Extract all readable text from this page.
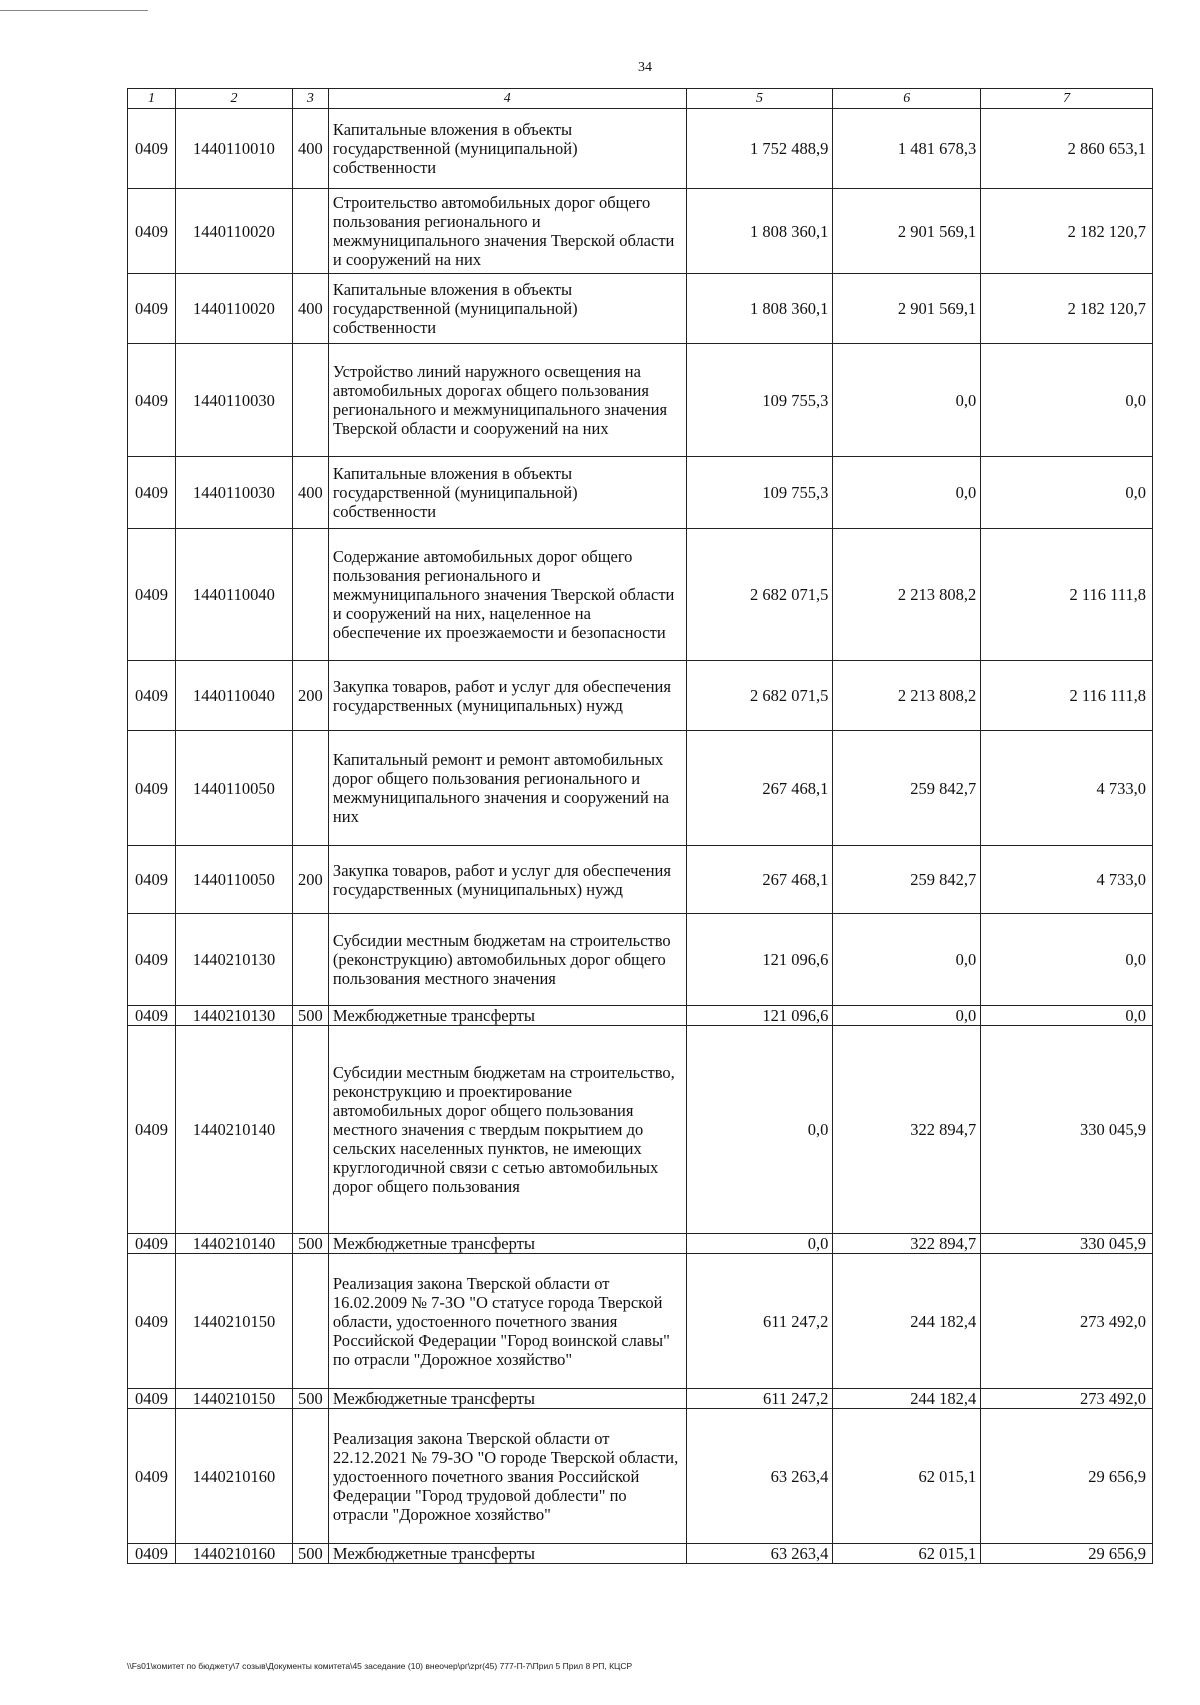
34
1	2	3	4	5	6	7
0409	1440110010	400	Капитальные вложения в объекты государственной (муниципальной) собственности	1 752 488,9	1 481 678,3	2 860 653,1
0409	1440110020		Строительство автомобильных дорог общего пользования регионального и межмуниципального значения Тверской области и сооружений на них	1 808 360,1	2 901 569,1	2 182 120,7
0409	1440110020	400	Капитальные вложения в объекты государственной (муниципальной) собственности	1 808 360,1	2 901 569,1	2 182 120,7
0409	1440110030		Устройство линий наружного освещения на автомобильных дорогах общего пользования регионального и межмуниципального значения Тверской области и сооружений на них	109 755,3	0,0	0,0
0409	1440110030	400	Капитальные вложения в объекты государственной (муниципальной) собственности	109 755,3	0,0	0,0
0409	1440110040		Содержание автомобильных дорог общего пользования регионального и межмуниципального значения Тверской области и сооружений на них, нацеленное на обеспечение их проезжаемости и безопасности	2 682 071,5	2 213 808,2	2 116 111,8
0409	1440110040	200	Закупка товаров, работ и услуг для обеспечения государственных (муниципальных) нужд	2 682 071,5	2 213 808,2	2 116 111,8
0409	1440110050		Капитальный ремонт и ремонт автомобильных дорог общего пользования регионального и межмуниципального значения и сооружений на них	267 468,1	259 842,7	4 733,0
0409	1440110050	200	Закупка товаров, работ и услуг для обеспечения государственных (муниципальных) нужд	267 468,1	259 842,7	4 733,0
0409	1440210130		Субсидии местным бюджетам на строительство (реконструкцию) автомобильных дорог общего пользования местного значения	121 096,6	0,0	0,0
0409	1440210130	500	Межбюджетные трансферты	121 096,6	0,0	0,0
0409	1440210140		Субсидии местным бюджетам на строительство, реконструкцию и проектирование автомобильных дорог общего пользования местного значения с твердым покрытием до сельских населенных пунктов, не имеющих круглогодичной связи с сетью автомобильных дорог общего пользования	0,0	322 894,7	330 045,9
0409	1440210140	500	Межбюджетные трансферты	0,0	322 894,7	330 045,9
0409	1440210150		Реализация закона Тверской области от 16.02.2009 № 7-ЗО "О статусе города Тверской области, удостоенного почетного звания Российской Федерации "Город воинской славы" по отрасли "Дорожное хозяйство"	611 247,2	244 182,4	273 492,0
0409	1440210150	500	Межбюджетные трансферты	611 247,2	244 182,4	273 492,0
0409	1440210160		Реализация закона Тверской области от 22.12.2021 № 79-ЗО "О городе Тверской области, удостоенного почетного звания Российской Федерации "Город трудовой доблести" по отрасли "Дорожное хозяйство"	63 263,4	62 015,1	29 656,9
0409	1440210160	500	Межбюджетные трансферты	63 263,4	62 015,1	29 656,9
\\Fs01\комитет по бюджету\7 созыв\Документы комитета\45 заседание (10) внеочер\рг\zpr(45) 777-П-7\Прил 5 Прил 8 РП, КЦСР
